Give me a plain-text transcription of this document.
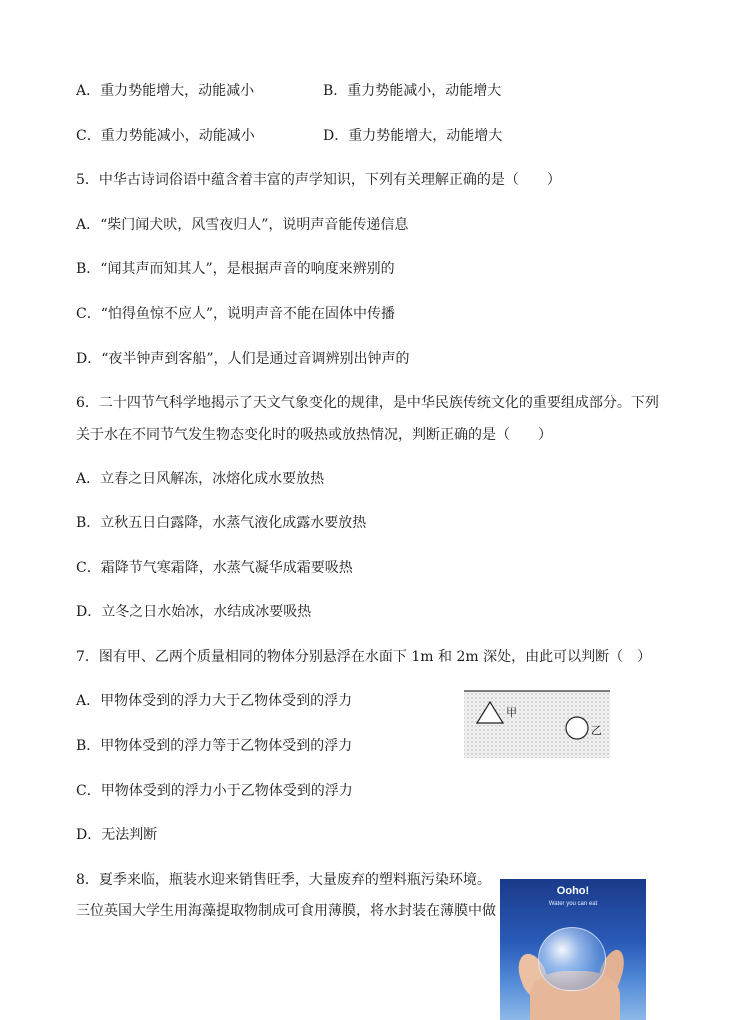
A．重力势能增大，动能减小	B．重力势能减小，动能增大
C．重力势能减小，动能减小	D．重力势能增大，动能增大
5．中华古诗词俗语中蕴含着丰富的声学知识，下列有关理解正确的是（　　）
A．“柴门闻犬吠，风雪夜归人”，说明声音能传递信息
B．“闻其声而知其人”，是根据声音的响度来辨别的
C．“怕得鱼惊不应人”，说明声音不能在固体中传播
D．“夜半钟声到客船”，人们是通过音调辨别出钟声的
6．二十四节气科学地揭示了天文气象变化的规律，是中华民族传统文化的重要组成部分。下列
关于水在不同节气发生物态变化时的吸热或放热情况，判断正确的是（　　）
A．立春之日风解冻，冰熔化成水要放热
B．立秋五日白露降，水蒸气液化成露水要放热
C．霜降节气寒霜降，水蒸气凝华成霜要吸热
D．立冬之日水始冰，水结成冰要吸热
7．图有甲、乙两个质量相同的物体分别悬浮在水面下 1m 和 2m 深处，由此可以判断（　）
A．甲物体受到的浮力大于乙物体受到的浮力
B．甲物体受到的浮力等于乙物体受到的浮力
C．甲物体受到的浮力小于乙物体受到的浮力
D．无法判断
甲
乙
8．夏季来临，瓶装水迎来销售旺季，大量废弃的塑料瓶污染环境。
三位英国大学生用海藻提取物制成可食用薄膜，将水封装在薄膜中做
Ooho!
Water you can eat
